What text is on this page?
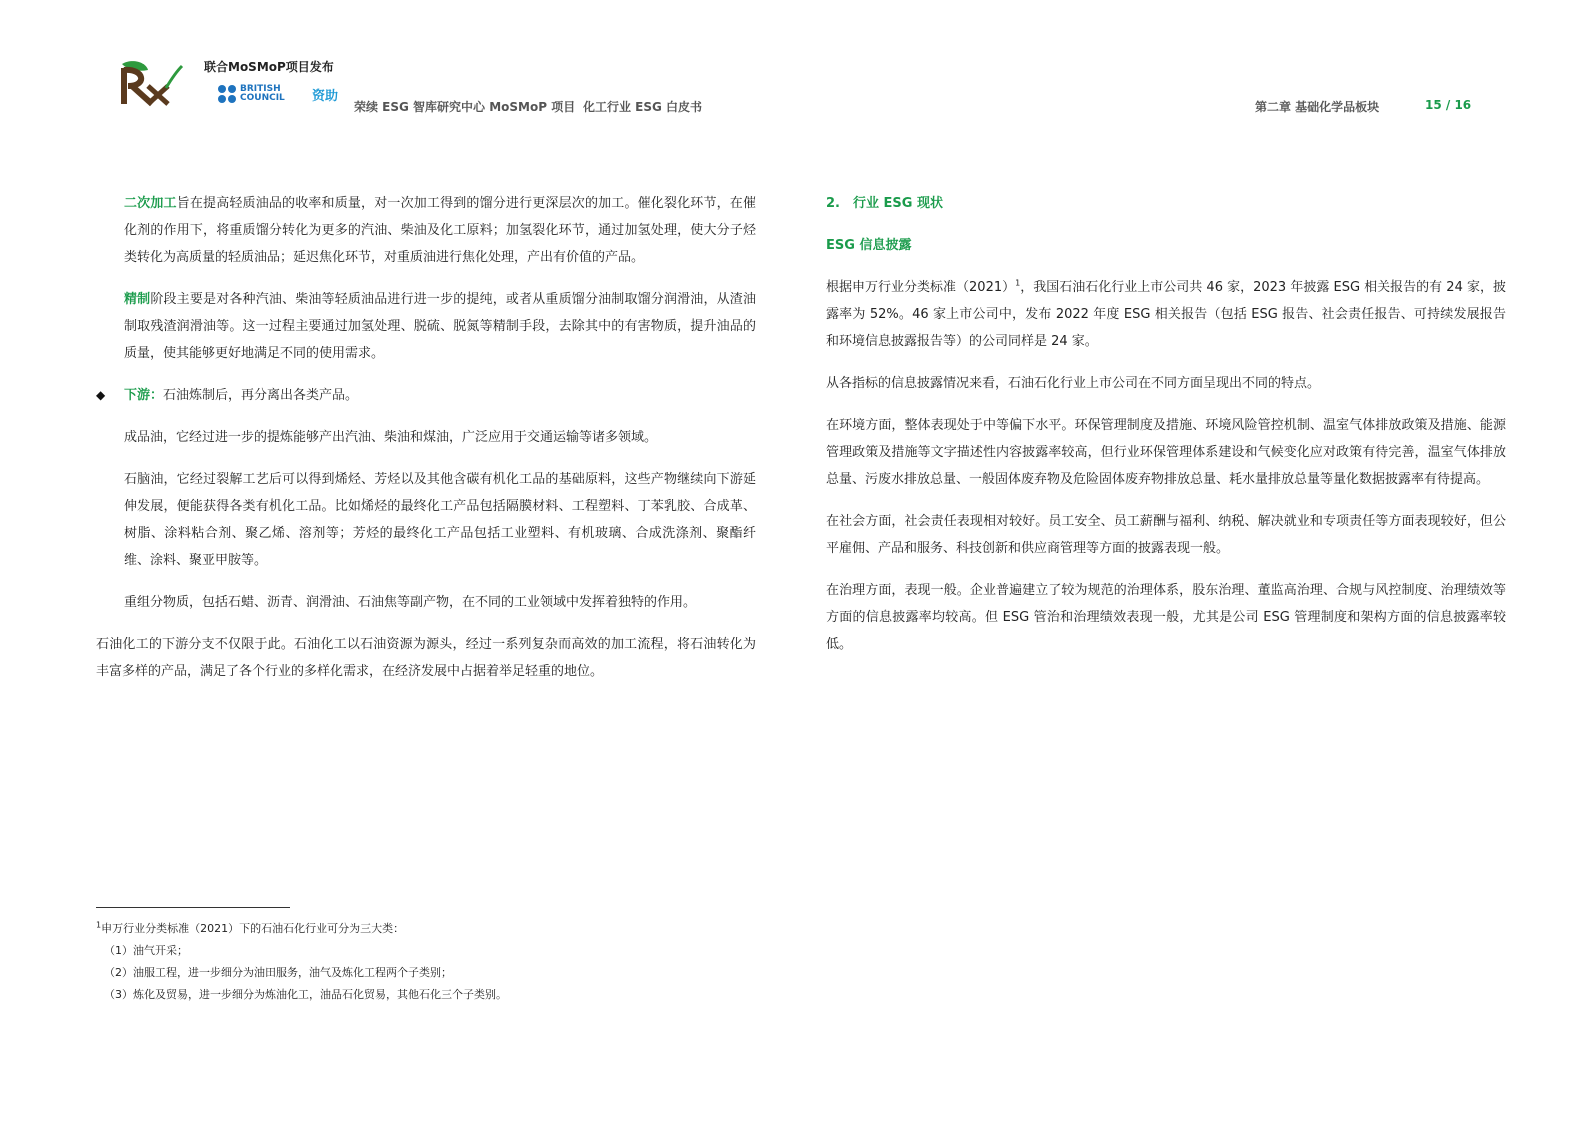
联合MoSMoP项目发布
BRITISH
COUNCIL	资助
荣续 ESG 智库研究中心 MoSMoP 项目 化工行业 ESG 白皮书	第二章 基础化学品板块	15 / 16

二次加工旨在提高轻质油品的收率和质量，对一次加工得到的馏分进行更深层次的加工。催化裂化环节，在催化剂的作用下，将重质馏分转化为更多的汽油、柴油及化工原料；加氢裂化环节，通过加氢处理，使大分子烃类转化为高质量的轻质油品；延迟焦化环节，对重质油进行焦化处理，产出有价值的产品。

精制阶段主要是对各种汽油、柴油等轻质油品进行进一步的提纯，或者从重质馏分油制取馏分润滑油，从渣油制取残渣润滑油等。这一过程主要通过加氢处理、脱硫、脱氮等精制手段，去除其中的有害物质，提升油品的质量，使其能够更好地满足不同的使用需求。

◆ 下游：石油炼制后，再分离出各类产品。

成品油，它经过进一步的提炼能够产出汽油、柴油和煤油，广泛应用于交通运输等诸多领域。

石脑油，它经过裂解工艺后可以得到烯烃、芳烃以及其他含碳有机化工品的基础原料，这些产物继续向下游延伸发展，便能获得各类有机化工品。比如烯烃的最终化工产品包括隔膜材料、工程塑料、丁苯乳胶、合成革、树脂、涂料粘合剂、聚乙烯、溶剂等；芳烃的最终化工产品包括工业塑料、有机玻璃、合成洗涤剂、聚酯纤维、涂料、聚亚甲胺等。

重组分物质，包括石蜡、沥青、润滑油、石油焦等副产物，在不同的工业领域中发挥着独特的作用。

石油化工的下游分支不仅限于此。石油化工以石油资源为源头，经过一系列复杂而高效的加工流程，将石油转化为丰富多样的产品，满足了各个行业的多样化需求，在经济发展中占据着举足轻重的地位。

2.　行业 ESG 现状
ESG 信息披露

根据申万行业分类标准$(2021)^1$，我国石油石化行业上市公司共 46 家，2023 年披露 ESG 相关报告的有 24 家，披露率为 52%。46 家上市公司中，发布 2022 年度 ESG 相关报告（包括 ESG 报告、社会责任报告、可持续发展报告和环境信息披露报告等）的公司同样是 24 家。

从各指标的信息披露情况来看，石油石化行业上市公司在不同方面呈现出不同的特点。

在环境方面，整体表现处于中等偏下水平。环保管理制度及措施、环境风险管控机制、温室气体排放政策及措施、能源管理政策及措施等文字描述性内容披露率较高，但行业环保管理体系建设和气候变化应对政策有待完善，温室气体排放总量、污废水排放总量、一般固体废弃物及危险固体废弃物排放总量、耗水量排放总量等量化数据披露率有待提高。

在社会方面，社会责任表现相对较好。员工安全、员工薪酬与福利、纳税、解决就业和专项责任等方面表现较好，但公平雇佣、产品和服务、科技创新和供应商管理等方面的披露表现一般。

在治理方面，表现一般。企业普遍建立了较为规范的治理体系，股东治理、董监高治理、合规与风控制度、治理绩效等方面的信息披露率均较高。但 ESG 管治和治理绩效表现一般，尤其是公司 ESG 管理制度和架构方面的信息披露率较低。

$^1$申万行业分类标准（2021）下的石油石化行业可分为三大类：
（1）油气开采；
（2）油服工程，进一步细分为油田服务，油气及炼化工程两个子类别；
（3）炼化及贸易，进一步细分为炼油化工，油品石化贸易，其他石化三个子类别。
